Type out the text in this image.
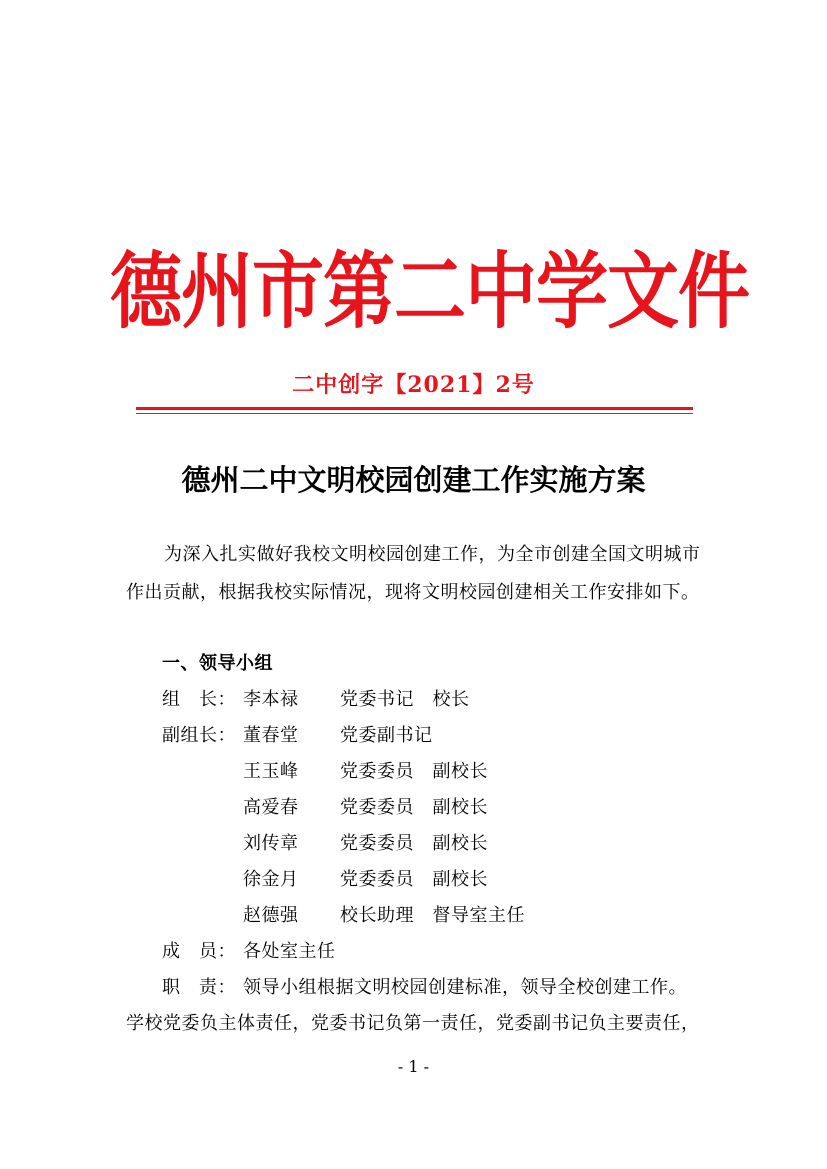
德州市第二中学文件
二中创字【2021】2号
德州二中文明校园创建工作实施方案
为深入扎实做好我校文明校园创建工作，为全市创建全国文明城市作出贡献，根据我校实际情况，现将文明校园创建相关工作安排如下。
一、领导小组
组　长： 李本禄 党委书记　校长
副组长： 董春堂 党委副书记
王玉峰 党委委员　副校长
高爱春 党委委员　副校长
刘传章 党委委员　副校长
徐金月 党委委员　副校长
赵德强 校长助理　督导室主任
成　员： 各处室主任
职　责： 领导小组根据文明校园创建标准，领导全校创建工作。
学校党委负主体责任，党委书记负第一责任，党委副书记负主要责任，
- 1 -
